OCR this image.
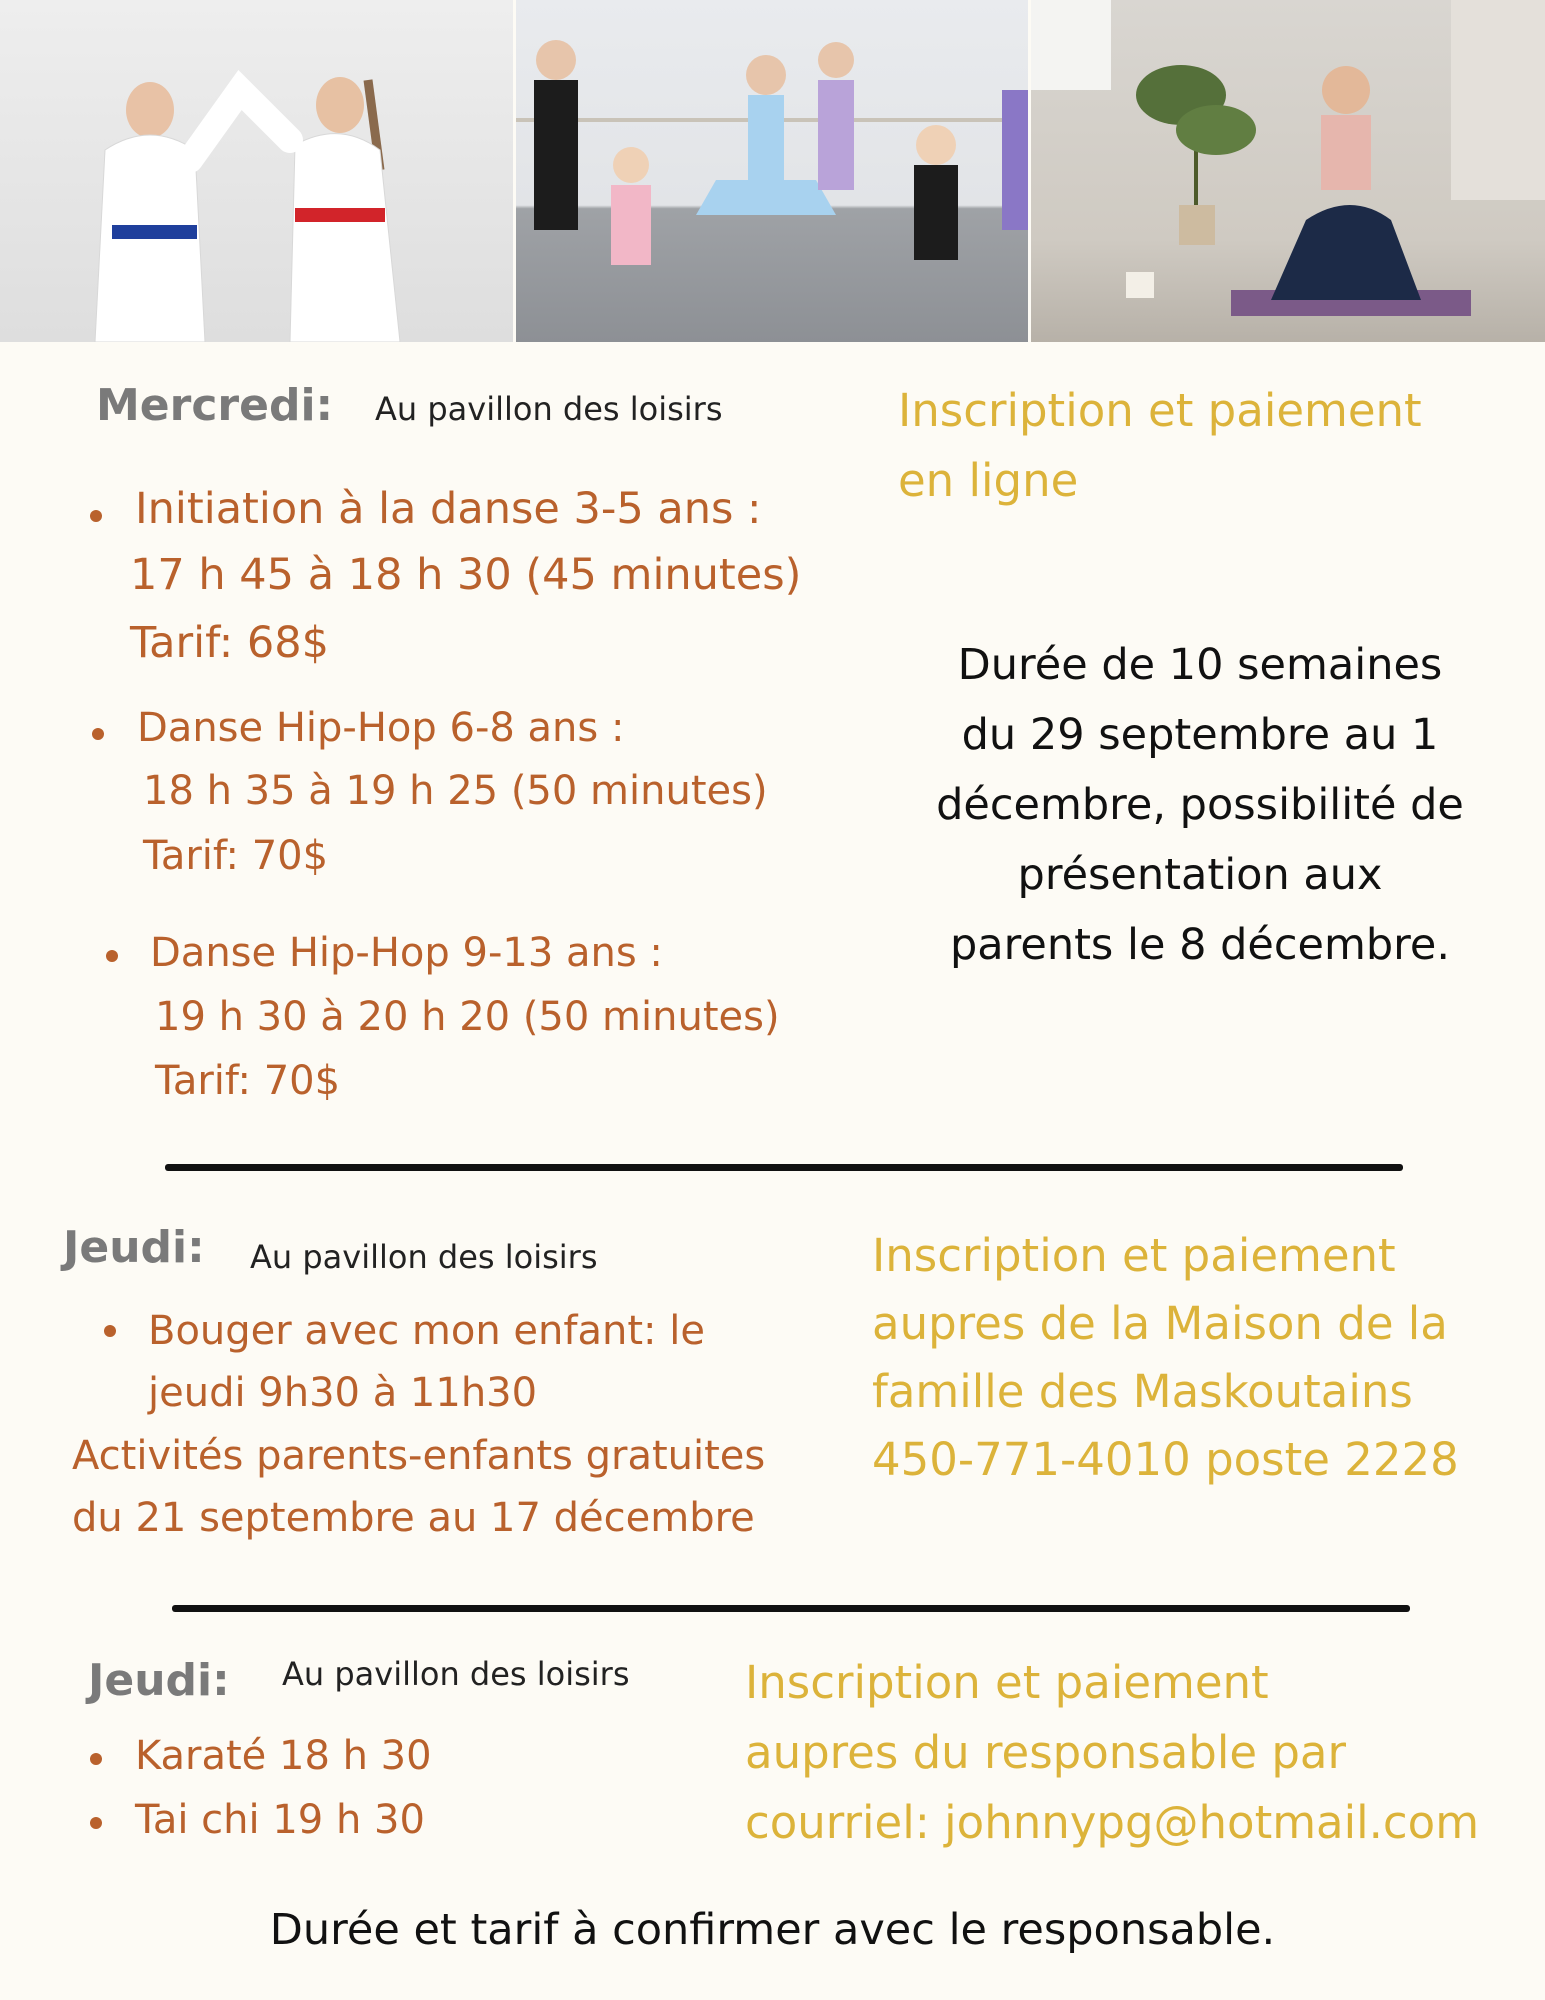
Mercredi: Au pavillon des loisirs

Initiation à la danse 3-5 ans :

17 h 45 à 18 h 30 (45 minutes)

Tarif: 68$

Danse Hip-Hop 6-8 ans :

18 h 35 à 19 h 25 (50 minutes)

Tarif: 70$

Danse Hip-Hop 9-13 ans :

19 h 30 à 20 h 20 (50 minutes)

Tarif: 70$

Inscription et paiement
en ligne
Durée de 10 semaines
du 29 septembre au 1
décembre, possibilité de
présentation aux
parents le 8 décembre.

Jeudi: Au pavillon des loisirs

Bouger avec mon enfant: le
jeudi 9h30 à 11h30
Activités parents-enfants gratuites
du 21 septembre au 17 décembre
Inscription et paiement
aupres de la Maison de la
famille des Maskoutains
450-771-4010 poste 2228

Jeudi: Au pavillon des loisirs

Karaté 18 h 30

Tai chi 19 h 30

Inscription et paiement
aupres du responsable par
courriel: johnnypg@hotmail.com

Durée et tarif à confirmer avec le responsable.
